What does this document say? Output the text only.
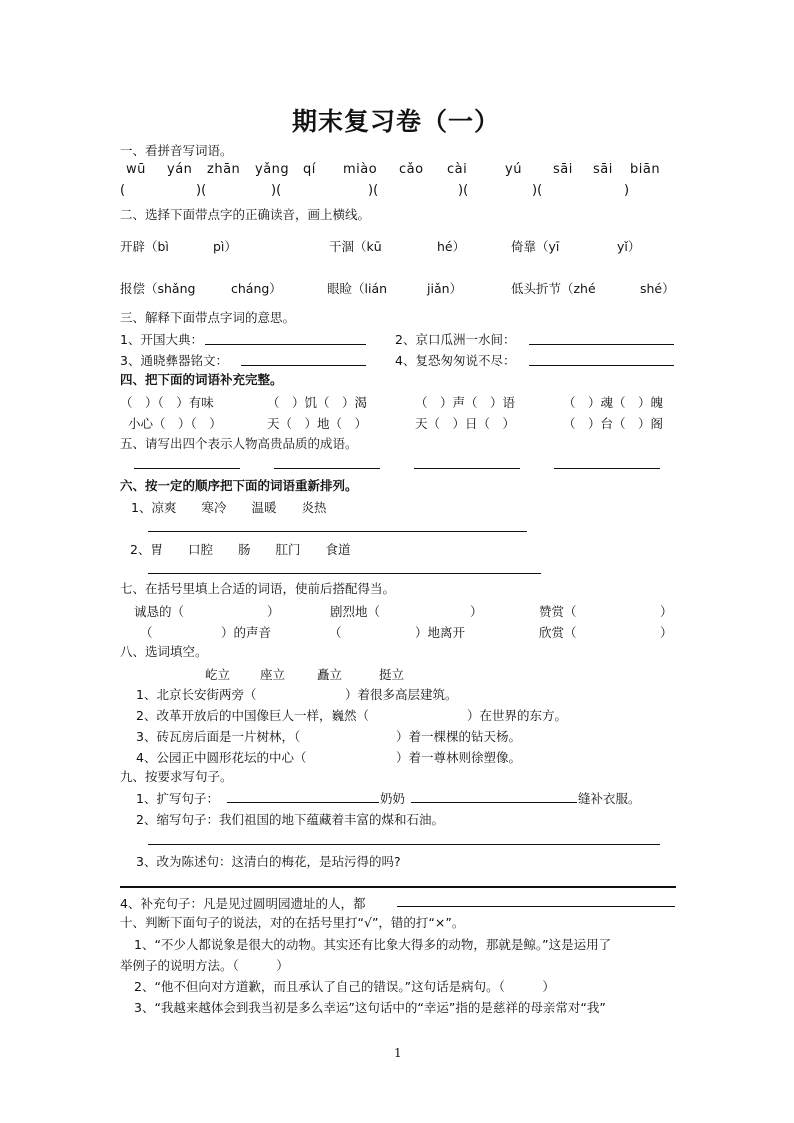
期末复习卷（一）
一、看拼音写词语。
wū yán zhān yǎng qí miào cǎo cài	yú sāi sāi biān
(	)(	)(	)(	)(	)(	)
二、选择下面带点字的正确读音，画上横线。
开辟（bì	pì）	干涸（kū	hé）	倚靠（yī	yǐ）
报偿（shǎng	cháng）	眼睑（lián	jiǎn）	低头折节（zhé	shé）
三、解释下面带点字词的意思。
1、开国大典：	2、京口瓜洲一水间：
3、通晓彝器铭文：	4、复恐匆匆说不尽：
四、把下面的词语补充完整。
（　）（　）有味	（　）饥（　）渴	（　）声（　）语	（　）魂（　）魄
小心（　）（　）	天（　）地（　）	天（　）日（　）	（　）台（　）阁
五、请写出四个表示人物高贵品质的成语。
六、按一定的顺序把下面的词语重新排列。
1、凉爽　　寒冷　　温暖　　炎热
2、胃　　口腔　　肠　　肛门　　食道
七、在括号里填上合适的词语，使前后搭配得当。
诚恳的（	）	剧烈地（	）	赞赏（	）
（	）的声音	（	）地离开	欣赏（	）
八、选词填空。
屹立 座立	矗立	挺立
1、北京长安街两旁（	）着很多高层建筑。
2、改革开放后的中国像巨人一样，巍然（	）在世界的东方。
3、砖瓦房后面是一片树林，（	）着一棵棵的钻天杨。
4、公园正中圆形花坛的中心（	）着一尊林则徐塑像。
九、按要求写句子。
1、扩写句子：	奶奶	缝补衣服。
2、缩写句子：我们祖国的地下蕴藏着丰富的煤和石油。
3、改为陈述句：这清白的梅花，是玷污得的吗?
4、补充句子：凡是见过圆明园遗址的人，都
十、判断下面句子的说法，对的在括号里打“√”，错的打“×”。
1、“不少人都说象是很大的动物。其实还有比象大得多的动物，那就是鲸。”这是运用了
举例子的说明方法。（　　　）
2、“他不但向对方道歉，而且承认了自己的错误。”这句话是病句。（　　　）
3、“我越来越体会到我当初是多么幸运”这句话中的“幸运”指的是慈祥的母亲常对“我”
1
